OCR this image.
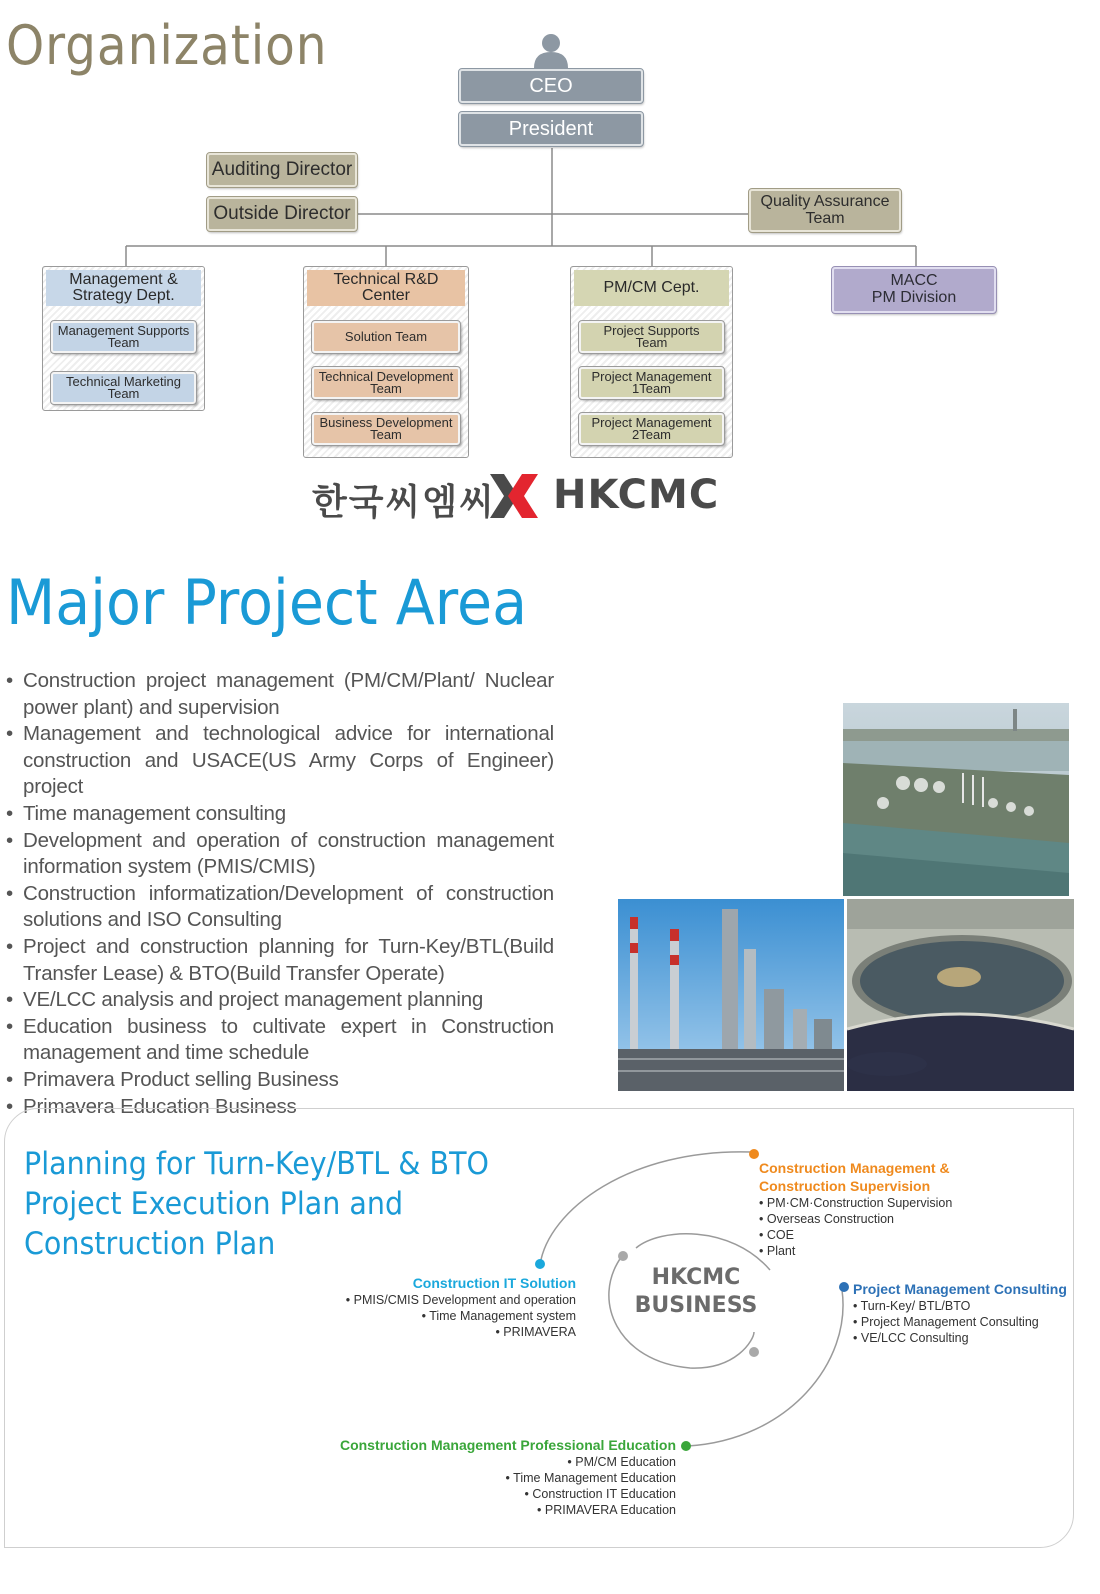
Organization
CEO
President
Auditing Director
Outside Director
Quality Assurance
Team
Management &
Strategy Dept.
Management Supports
Team
Technical Marketing
Team
Technical R&D
Center
Solution Team
Technical Development
Team
Business Development
Team
PM/CM Cept.
Project Supports
Team
Project Management
1Team
Project Management
2Team
MACC
PM Division
한국씨엠씨 HKCMC
Major Project Area
• Construction project management (PM/CM/Plant/ Nuclear power plant) and supervision
• Management and technological advice for international construction and USACE(US Army Corps of Engineer) project
• Time management consulting
• Development and operation of construction management information system (PMIS/CMIS)
• Construction informatization/Development of construction solutions and ISO Consulting
• Project and construction planning for Turn-Key/BTL(Build Transfer Lease) & BTO(Build Transfer Operate)
• VE/LCC analysis and project management planning
• Education business to cultivate expert in Construction management and time schedule
• Primavera Product selling Business
• Primavera Education Business
Planning for Turn-Key/BTL & BTO
Project Execution Plan and
Construction Plan
HKCMC
BUSINESS
Construction Management &
Construction Supervision
• PM·CM·Construction Supervision
• Overseas Construction
• COE
• Plant
Construction IT Solution
• PMIS/CMIS Development and operation
• Time Management system
• PRIMAVERA
Project Management Consulting
• Turn-Key/ BTL/BTO
• Project Management Consulting
• VE/LCC Consulting
Construction Management Professional Education
• PM/CM Education
• Time Management Education
• Construction IT Education
• PRIMAVERA Education
